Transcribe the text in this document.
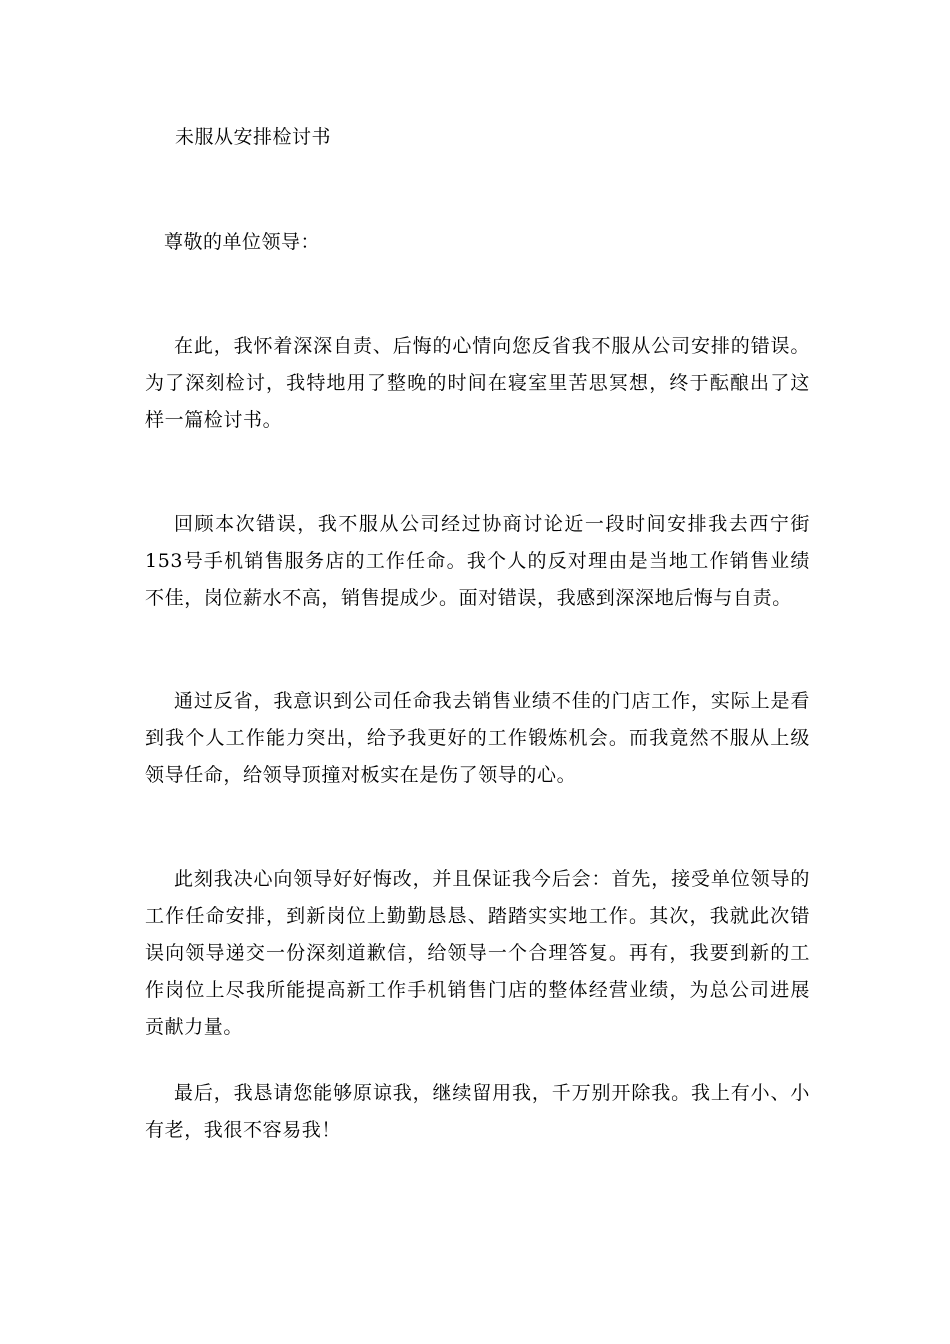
未服从安排检讨书
尊敬的单位领导：

在此，我怀着深深自责、后悔的心情向您反省我不服从公司安排的错误。为了深刻检讨，我特地用了整晚的时间在寝室里苦思冥想，终于酝酿出了这样一篇检讨书。

回顾本次错误，我不服从公司经过协商讨论近一段时间安排我去西宁街153号手机销售服务店的工作任命。我个人的反对理由是当地工作销售业绩不佳，岗位薪水不高，销售提成少。面对错误，我感到深深地后悔与自责。

通过反省，我意识到公司任命我去销售业绩不佳的门店工作，实际上是看到我个人工作能力突出，给予我更好的工作锻炼机会。而我竟然不服从上级领导任命，给领导顶撞对板实在是伤了领导的心。

此刻我决心向领导好好悔改，并且保证我今后会：首先，接受单位领导的工作任命安排，到新岗位上勤勤恳恳、踏踏实实地工作。其次，我就此次错误向领导递交一份深刻道歉信，给领导一个合理答复。再有，我要到新的工作岗位上尽我所能提高新工作手机销售门店的整体经营业绩，为总公司进展贡献力量。

最后，我恳请您能够原谅我，继续留用我，千万别开除我。我上有小、小有老，我很不容易我！
